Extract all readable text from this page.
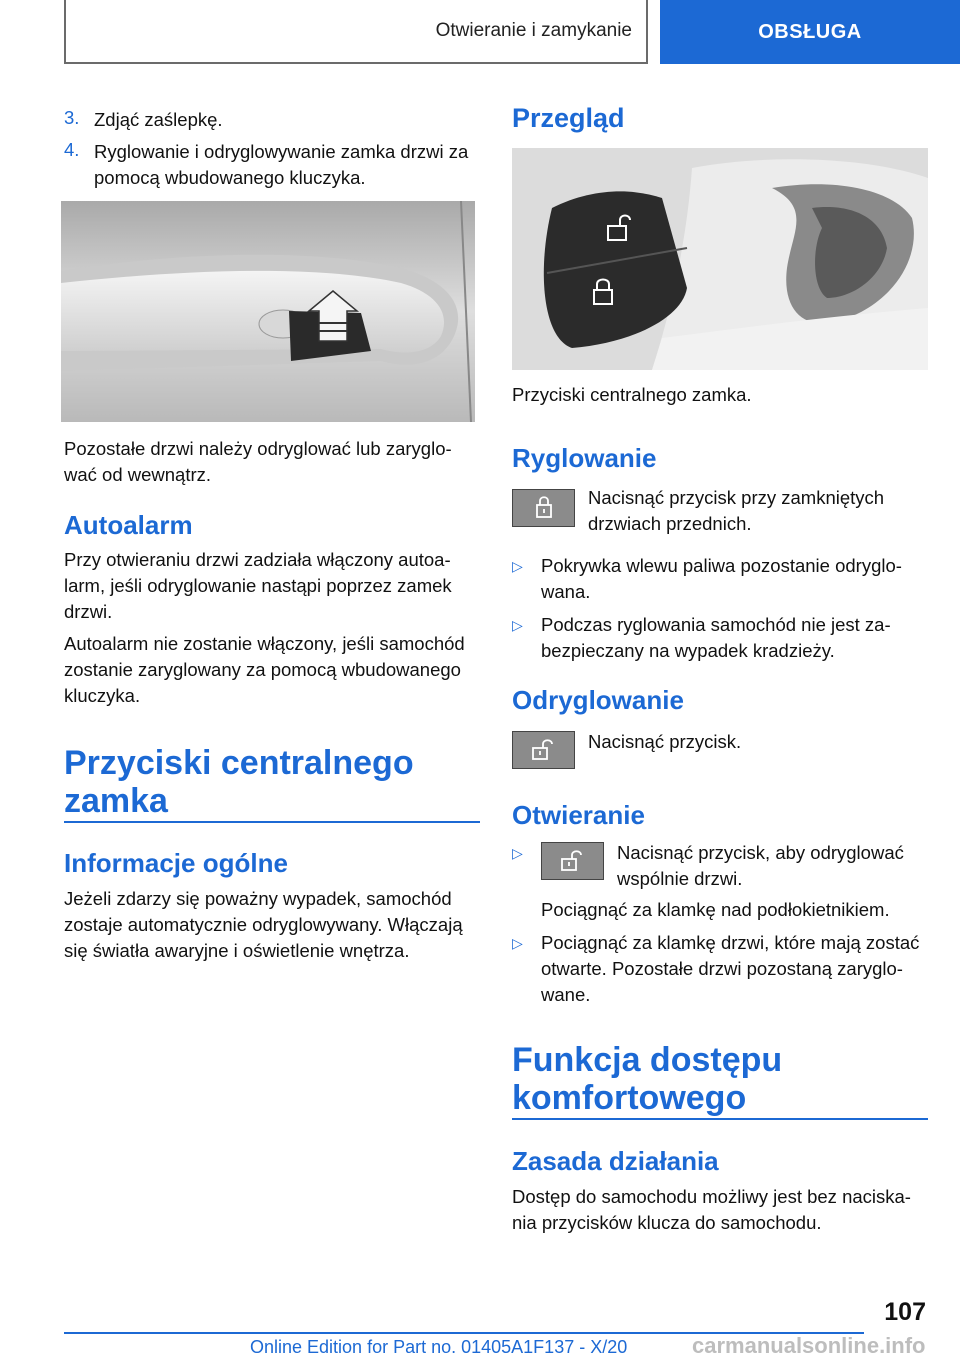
Otwieranie i zamykanie	OBSŁUGA
3. Zdjąć zaślepkę.

4. Ryglowanie i odryglowywanie zamka drzwi za

pomocą wbudowanego kluczyka.

Pozostałe drzwi należy odryglować lub zaryglo-

wać od wewnątrz.

Autoalarm

Przy otwieraniu drzwi zadziała włączony autoa-

larm, jeśli odryglowanie nastąpi poprzez zamek

drzwi.

Autoalarm nie zostanie włączony, jeśli samochód

zostanie zaryglowany za pomocą wbudowanego

kluczyka.

Przyciski centralnego

zamka

Informacje ogólne

Jeżeli zdarzy się poważny wypadek, samochód

zostaje automatycznie odryglowywany. Włączają

się światła awaryjne i oświetlenie wnętrza.

Przegląd

Przyciski centralnego zamka.

Ryglowanie

Nacisnąć przycisk przy zamkniętych

drzwiach przednich.

▷ Pokrywka wlewu paliwa pozostanie odryglo-

wana.

▷ Podczas ryglowania samochód nie jest za-

bezpieczany na wypadek kradzieży.

Odryglowanie

Nacisnąć przycisk.

Otwieranie

▷	Nacisnąć przycisk, aby odryglować

wspólnie drzwi.

Pociągnąć za klamkę nad podłokietnikiem.

▷ Pociągnąć za klamkę drzwi, które mają zostać

otwarte. Pozostałe drzwi pozostaną zaryglo-

wane.

Funkcja dostępu

komfortowego

Zasada działania

Dostęp do samochodu możliwy jest bez naciska-

nia przycisków klucza do samochodu.

107
Online Edition for Part no. 01405A1F137 - X/20	carmanualsonline.info
